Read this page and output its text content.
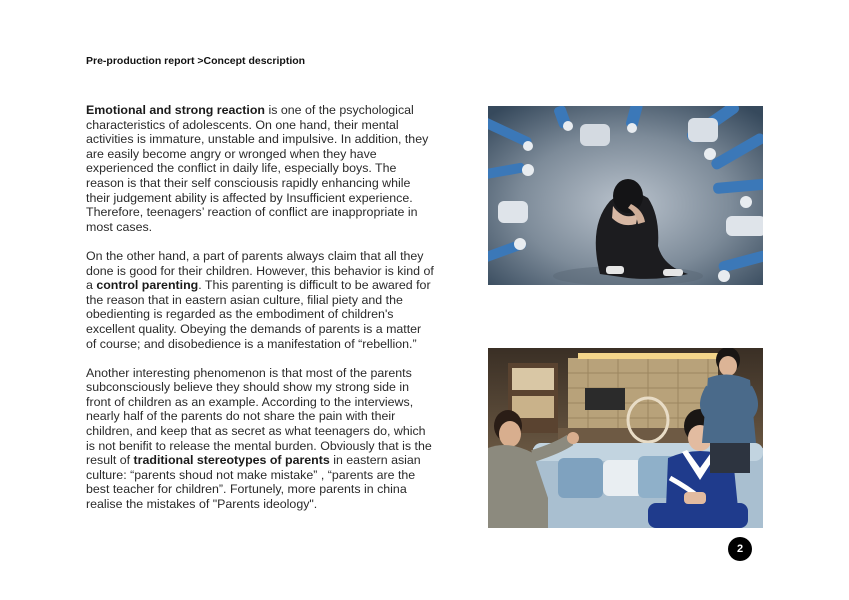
Pre-production report >Concept description

Emotional and strong reaction is one of the psychological characteristics of adolescents. On one hand, their mental activities is immature, unstable and impulsive. In addition, they are easily become angry or wronged when they have experienced the conflict in daily life, especially boys. The reason is that their self consciousis rapidly enhancing while their judgement ability is affected by Insufficient experience. Therefore, teenagers’ reaction of conflict are inappropriate in most cases.

On the other hand, a part of parents always claim that all they done is good for their children. However, this behavior is kind of a control parenting. This parenting is difficult to be awared for the reason that in eastern asian culture, filial piety and the obedienting is regarded as the embodiment of children's excellent quality. Obeying the demands of parents is a matter of course; and disobedience is a manifestation of “rebellion.”

Another interesting phenomenon is that most of the parents subconsciously believe they should show my strong side in front of children as an example. According to the interviews, nearly half of the parents do not share the pain with their children, and keep that as secret as what teenagers do, which is not benifit to release the mental burden. Obviously that is the result of traditional stereotypes of parents in eastern asian culture: “parents shoud not make mistake” , “parents are the best teacher for children”. Fortunely, more parents in china realise the mistakes of "Parents ideology".

2
